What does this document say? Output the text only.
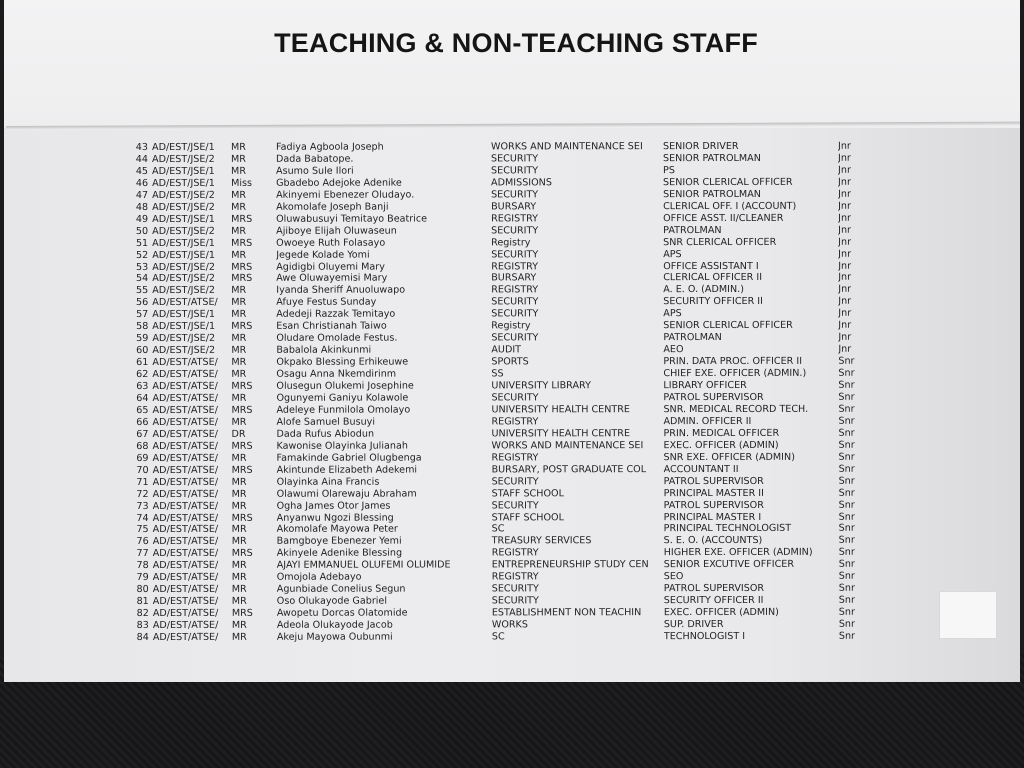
TEACHING & NON-TEACHING STAFF
43 AD/EST/JSE/1	MR	Fadiya Agboola Joseph	WORKS AND MAINTENANCE SEI	SENIOR DRIVER	Jnr
44 AD/EST/JSE/2	MR	Dada Babatope.	SECURITY	SENIOR PATROLMAN	Jnr
45 AD/EST/JSE/1	MR	Asumo Sule Ilori	SECURITY	PS	Jnr
46 AD/EST/JSE/1	Miss	Gbadebo Adejoke Adenike	ADMISSIONS	SENIOR CLERICAL OFFICER	Jnr
47 AD/EST/JSE/2	MR	Akinyemi Ebenezer Oludayo.	SECURITY	SENIOR PATROLMAN	Jnr
48 AD/EST/JSE/2	MR	Akomolafe Joseph Banji	BURSARY	CLERICAL OFF. I (ACCOUNT)	Jnr
49 AD/EST/JSE/1	MRS	Oluwabusuyi Temitayo Beatrice	REGISTRY	OFFICE ASST. II/CLEANER	Jnr
50 AD/EST/JSE/2	MR	Ajiboye Elijah Oluwaseun	SECURITY	PATROLMAN	Jnr
51 AD/EST/JSE/1	MRS	Owoeye Ruth Folasayo	Registry	SNR CLERICAL OFFICER	Jnr
52 AD/EST/JSE/1	MR	Jegede Kolade Yomi	SECURITY	APS	Jnr
53 AD/EST/JSE/2	MRS	Agidigbi Oluyemi Mary	REGISTRY	OFFICE ASSISTANT I	Jnr
54 AD/EST/JSE/2	MRS	Awe Oluwayemisi Mary	BURSARY	CLERICAL OFFICER II	Jnr
55 AD/EST/JSE/2	MR	Iyanda Sheriff Anuoluwapo	REGISTRY	A. E. O. (ADMIN.)	Jnr
56 AD/EST/ATSE/	MR	Afuye Festus Sunday	SECURITY	SECURITY OFFICER II	Jnr
57 AD/EST/JSE/1	MR	Adedeji Razzak Temitayo	SECURITY	APS	Jnr
58 AD/EST/JSE/1	MRS	Esan Christianah Taiwo	Registry	SENIOR CLERICAL OFFICER	Jnr
59 AD/EST/JSE/2	MR	Oludare Omolade Festus.	SECURITY	PATROLMAN	Jnr
60 AD/EST/JSE/2	MR	Babalola Akinkunmi	AUDIT	AEO	Jnr
61 AD/EST/ATSE/	MR	Okpako Blessing Erhikeuwe	SPORTS	PRIN. DATA PROC. OFFICER II	Snr
62 AD/EST/ATSE/	MR	Osagu Anna Nkemdirinm	SS	CHIEF EXE. OFFICER (ADMIN.)	Snr
63 AD/EST/ATSE/	MRS	Olusegun Olukemi Josephine	UNIVERSITY LIBRARY	LIBRARY OFFICER	Snr
64 AD/EST/ATSE/	MR	Ogunyemi Ganiyu Kolawole	SECURITY	PATROL SUPERVISOR	Snr
65 AD/EST/ATSE/	MRS	Adeleye Funmilola Omolayo	UNIVERSITY HEALTH CENTRE	SNR. MEDICAL RECORD TECH.	Snr
66 AD/EST/ATSE/	MR	Alofe Samuel Busuyi	REGISTRY	ADMIN. OFFICER II	Snr
67 AD/EST/ATSE/	DR	Dada Rufus Abiodun	UNIVERSITY HEALTH CENTRE	PRIN. MEDICAL OFFICER	Snr
68 AD/EST/ATSE/	MRS	Kawonise Olayinka Julianah	WORKS AND MAINTENANCE SEI	EXEC. OFFICER (ADMIN)	Snr
69 AD/EST/ATSE/	MR	Famakinde Gabriel Olugbenga	REGISTRY	SNR EXE. OFFICER (ADMIN)	Snr
70 AD/EST/ATSE/	MRS	Akintunde Elizabeth Adekemi	BURSARY, POST GRADUATE COL	ACCOUNTANT II	Snr
71 AD/EST/ATSE/	MR	Olayinka Aina Francis	SECURITY	PATROL SUPERVISOR	Snr
72 AD/EST/ATSE/	MR	Olawumi Olarewaju Abraham	STAFF SCHOOL	PRINCIPAL MASTER II	Snr
73 AD/EST/ATSE/	MR	Ogha James Otor James	SECURITY	PATROL SUPERVISOR	Snr
74 AD/EST/ATSE/	MRS	Anyanwu Ngozi Blessing	STAFF SCHOOL	PRINCIPAL MASTER I	Snr
75 AD/EST/ATSE/	MR	Akomolafe Mayowa Peter	SC	PRINCIPAL TECHNOLOGIST	Snr
76 AD/EST/ATSE/	MR	Bamgboye Ebenezer Yemi	TREASURY SERVICES	S. E. O. (ACCOUNTS)	Snr
77 AD/EST/ATSE/	MRS	Akinyele Adenike Blessing	REGISTRY	HIGHER EXE. OFFICER (ADMIN)	Snr
78 AD/EST/ATSE/	MR	AJAYI EMMANUEL OLUFEMI OLUMIDE	ENTREPRENEURSHIP STUDY CEN	SENIOR EXCUTIVE OFFICER	Snr
79 AD/EST/ATSE/	MR	Omojola Adebayo	REGISTRY	SEO	Snr
80 AD/EST/ATSE/	MR	Agunbiade Conelius Segun	SECURITY	PATROL SUPERVISOR	Snr
81 AD/EST/ATSE/	MR	Oso Olukayode Gabriel	SECURITY	SECURITY OFFICER II	Snr
82 AD/EST/ATSE/	MRS	Awopetu Dorcas Olatomide	ESTABLISHMENT NON TEACHIN	EXEC. OFFICER (ADMIN)	Snr
83 AD/EST/ATSE/	MR	Adeola Olukayode Jacob	WORKS	SUP. DRIVER	Snr
84 AD/EST/ATSE/	MR	Akeju Mayowa Oubunmi	SC	TECHNOLOGIST I	Snr
